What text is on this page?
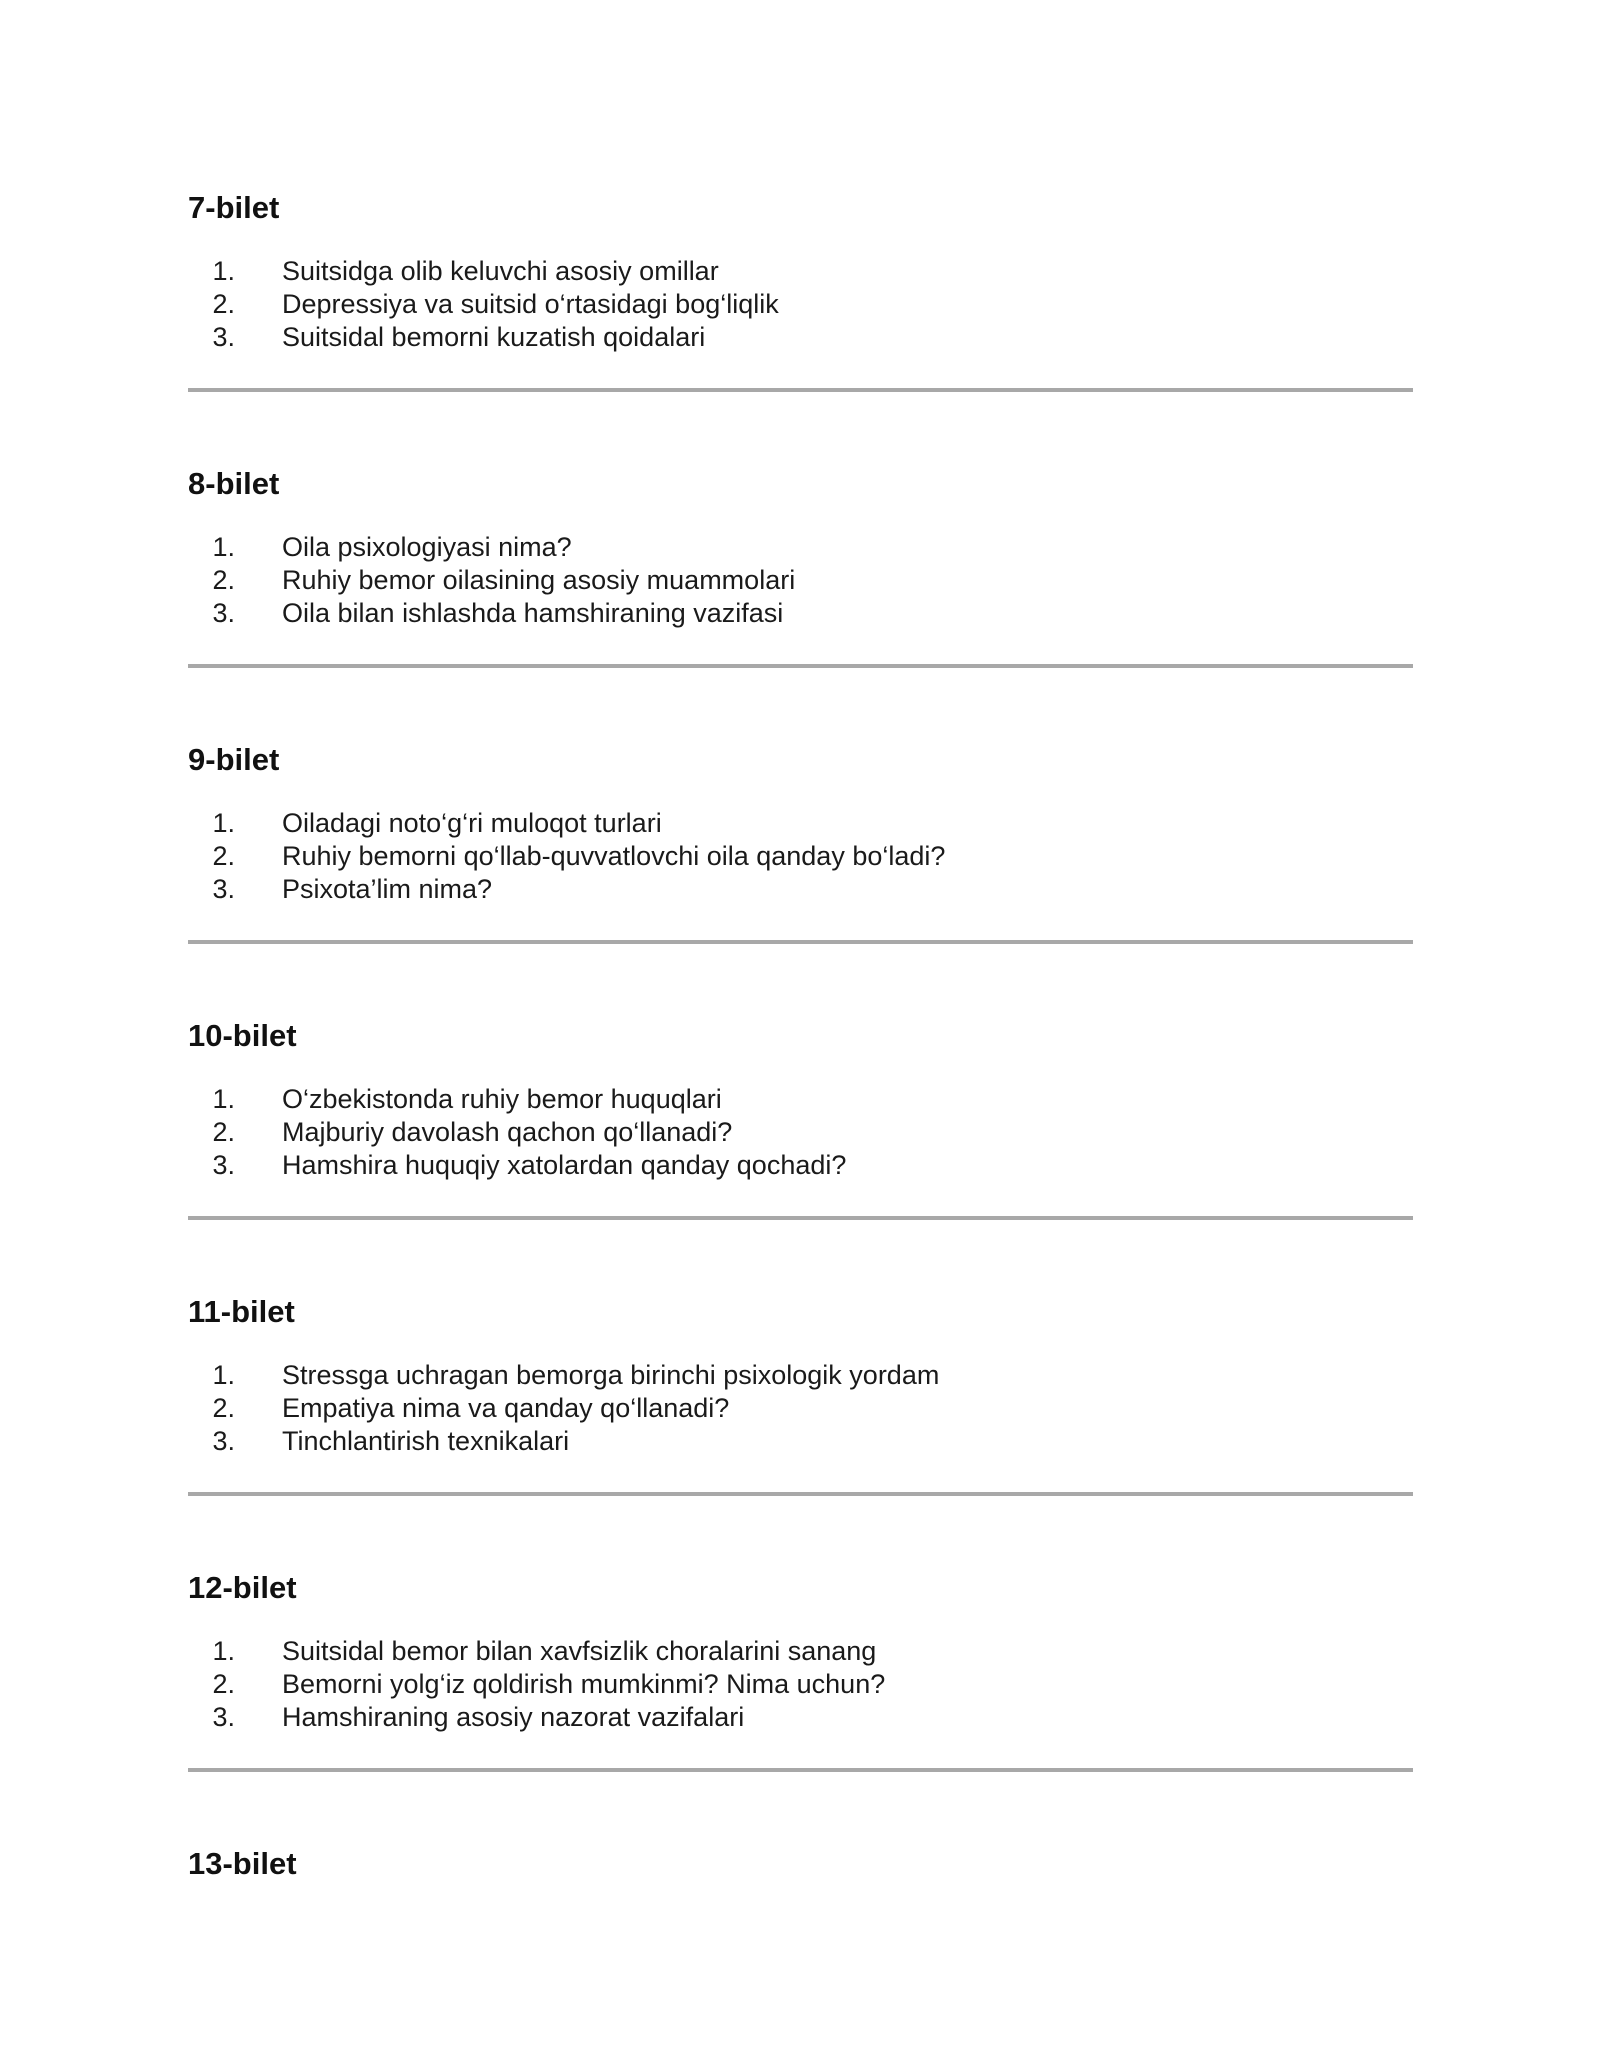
7-bilet
1. Suitsidga olib keluvchi asosiy omillar
2. Depressiya va suitsid o‘rtasidagi bog‘liqlik
3. Suitsidal bemorni kuzatish qoidalari
8-bilet
1. Oila psixologiyasi nima?
2. Ruhiy bemor oilasining asosiy muammolari
3. Oila bilan ishlashda hamshiraning vazifasi
9-bilet
1. Oiladagi noto‘g‘ri muloqot turlari
2. Ruhiy bemorni qo‘llab-quvvatlovchi oila qanday bo‘ladi?
3. Psixota’lim nima?
10-bilet
1. O‘zbekistonda ruhiy bemor huquqlari
2. Majburiy davolash qachon qo‘llanadi?
3. Hamshira huquqiy xatolardan qanday qochadi?
11-bilet
1. Stressga uchragan bemorga birinchi psixologik yordam
2. Empatiya nima va qanday qo‘llanadi?
3. Tinchlantirish texnikalari
12-bilet
1. Suitsidal bemor bilan xavfsizlik choralarini sanang
2. Bemorni yolg‘iz qoldirish mumkinmi? Nima uchun?
3. Hamshiraning asosiy nazorat vazifalari
13-bilet
